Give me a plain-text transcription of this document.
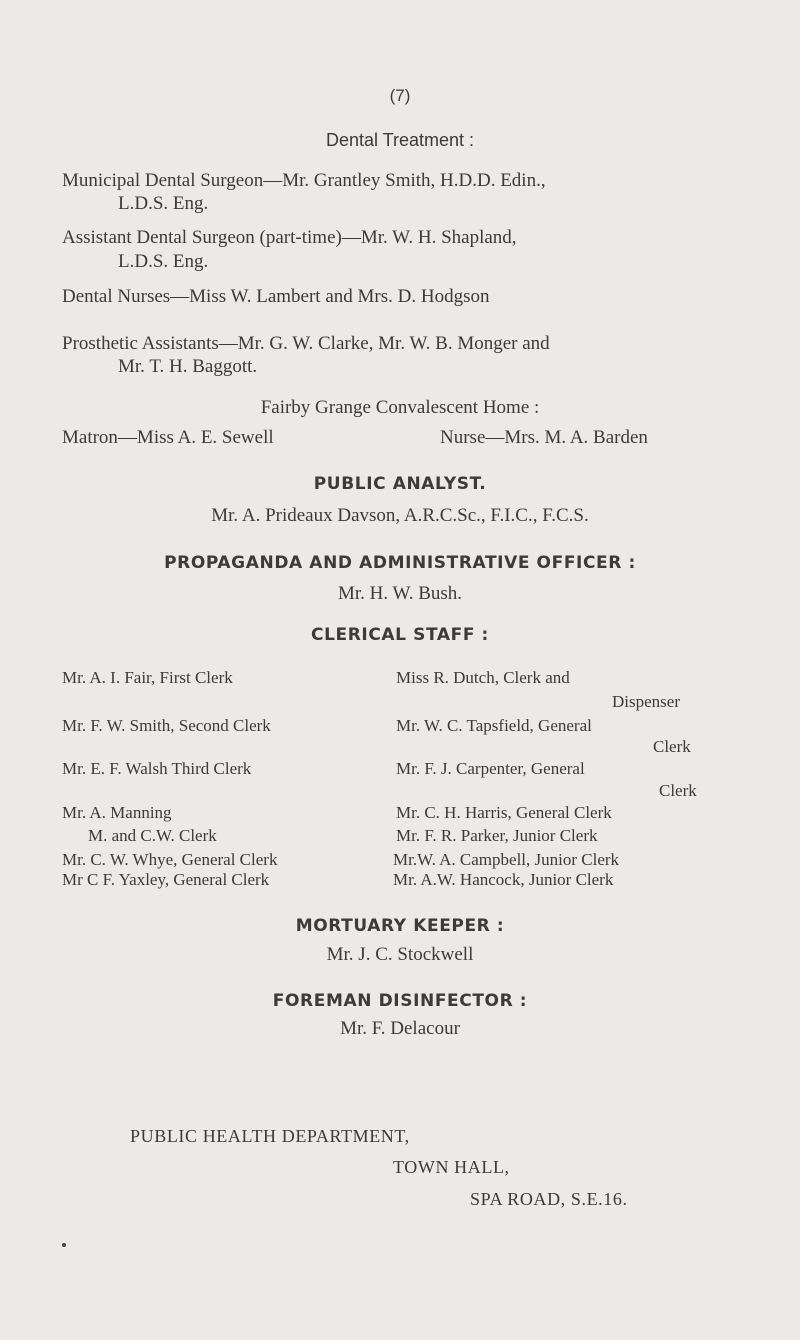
(7)
Dental Treatment :
Municipal Dental Surgeon—Mr. Grantley Smith, H.D.D. Edin.,
L.D.S. Eng.
Assistant Dental Surgeon (part-time)—Mr. W. H. Shapland,
L.D.S. Eng.
Dental Nurses—Miss W. Lambert and Mrs. D. Hodgson
Prosthetic Assistants—Mr. G. W. Clarke, Mr. W. B. Monger and
Mr. T. H. Baggott.
Fairby Grange Convalescent Home :
Matron—Miss A. E. Sewell	Nurse—Mrs. M. A. Barden
PUBLIC ANALYST.
Mr. A. Prideaux Davson, A.R.C.Sc., F.I.C., F.C.S.
PROPAGANDA AND ADMINISTRATIVE OFFICER :
Mr. H. W. Bush.
CLERICAL STAFF :
Mr. A. I. Fair, First Clerk
Mr. F. W. Smith, Second Clerk
Mr. E. F. Walsh Third Clerk
Mr. A. Manning
M. and C.W. Clerk
Mr. C. W. Whye, General Clerk
Mr C F. Yaxley, General Clerk
Miss R. Dutch, Clerk and
Dispenser
Mr. W. C. Tapsfield, General
Clerk
Mr. F. J. Carpenter, General
Clerk
Mr. C. H. Harris, General Clerk
Mr. F. R. Parker, Junior Clerk
Mr.W. A. Campbell, Junior Clerk
Mr. A.W. Hancock, Junior Clerk
MORTUARY KEEPER :
Mr. J. C. Stockwell
FOREMAN DISINFECTOR :
Mr. F. Delacour
PUBLIC HEALTH DEPARTMENT,
TOWN HALL,
SPA ROAD, S.E.16.
